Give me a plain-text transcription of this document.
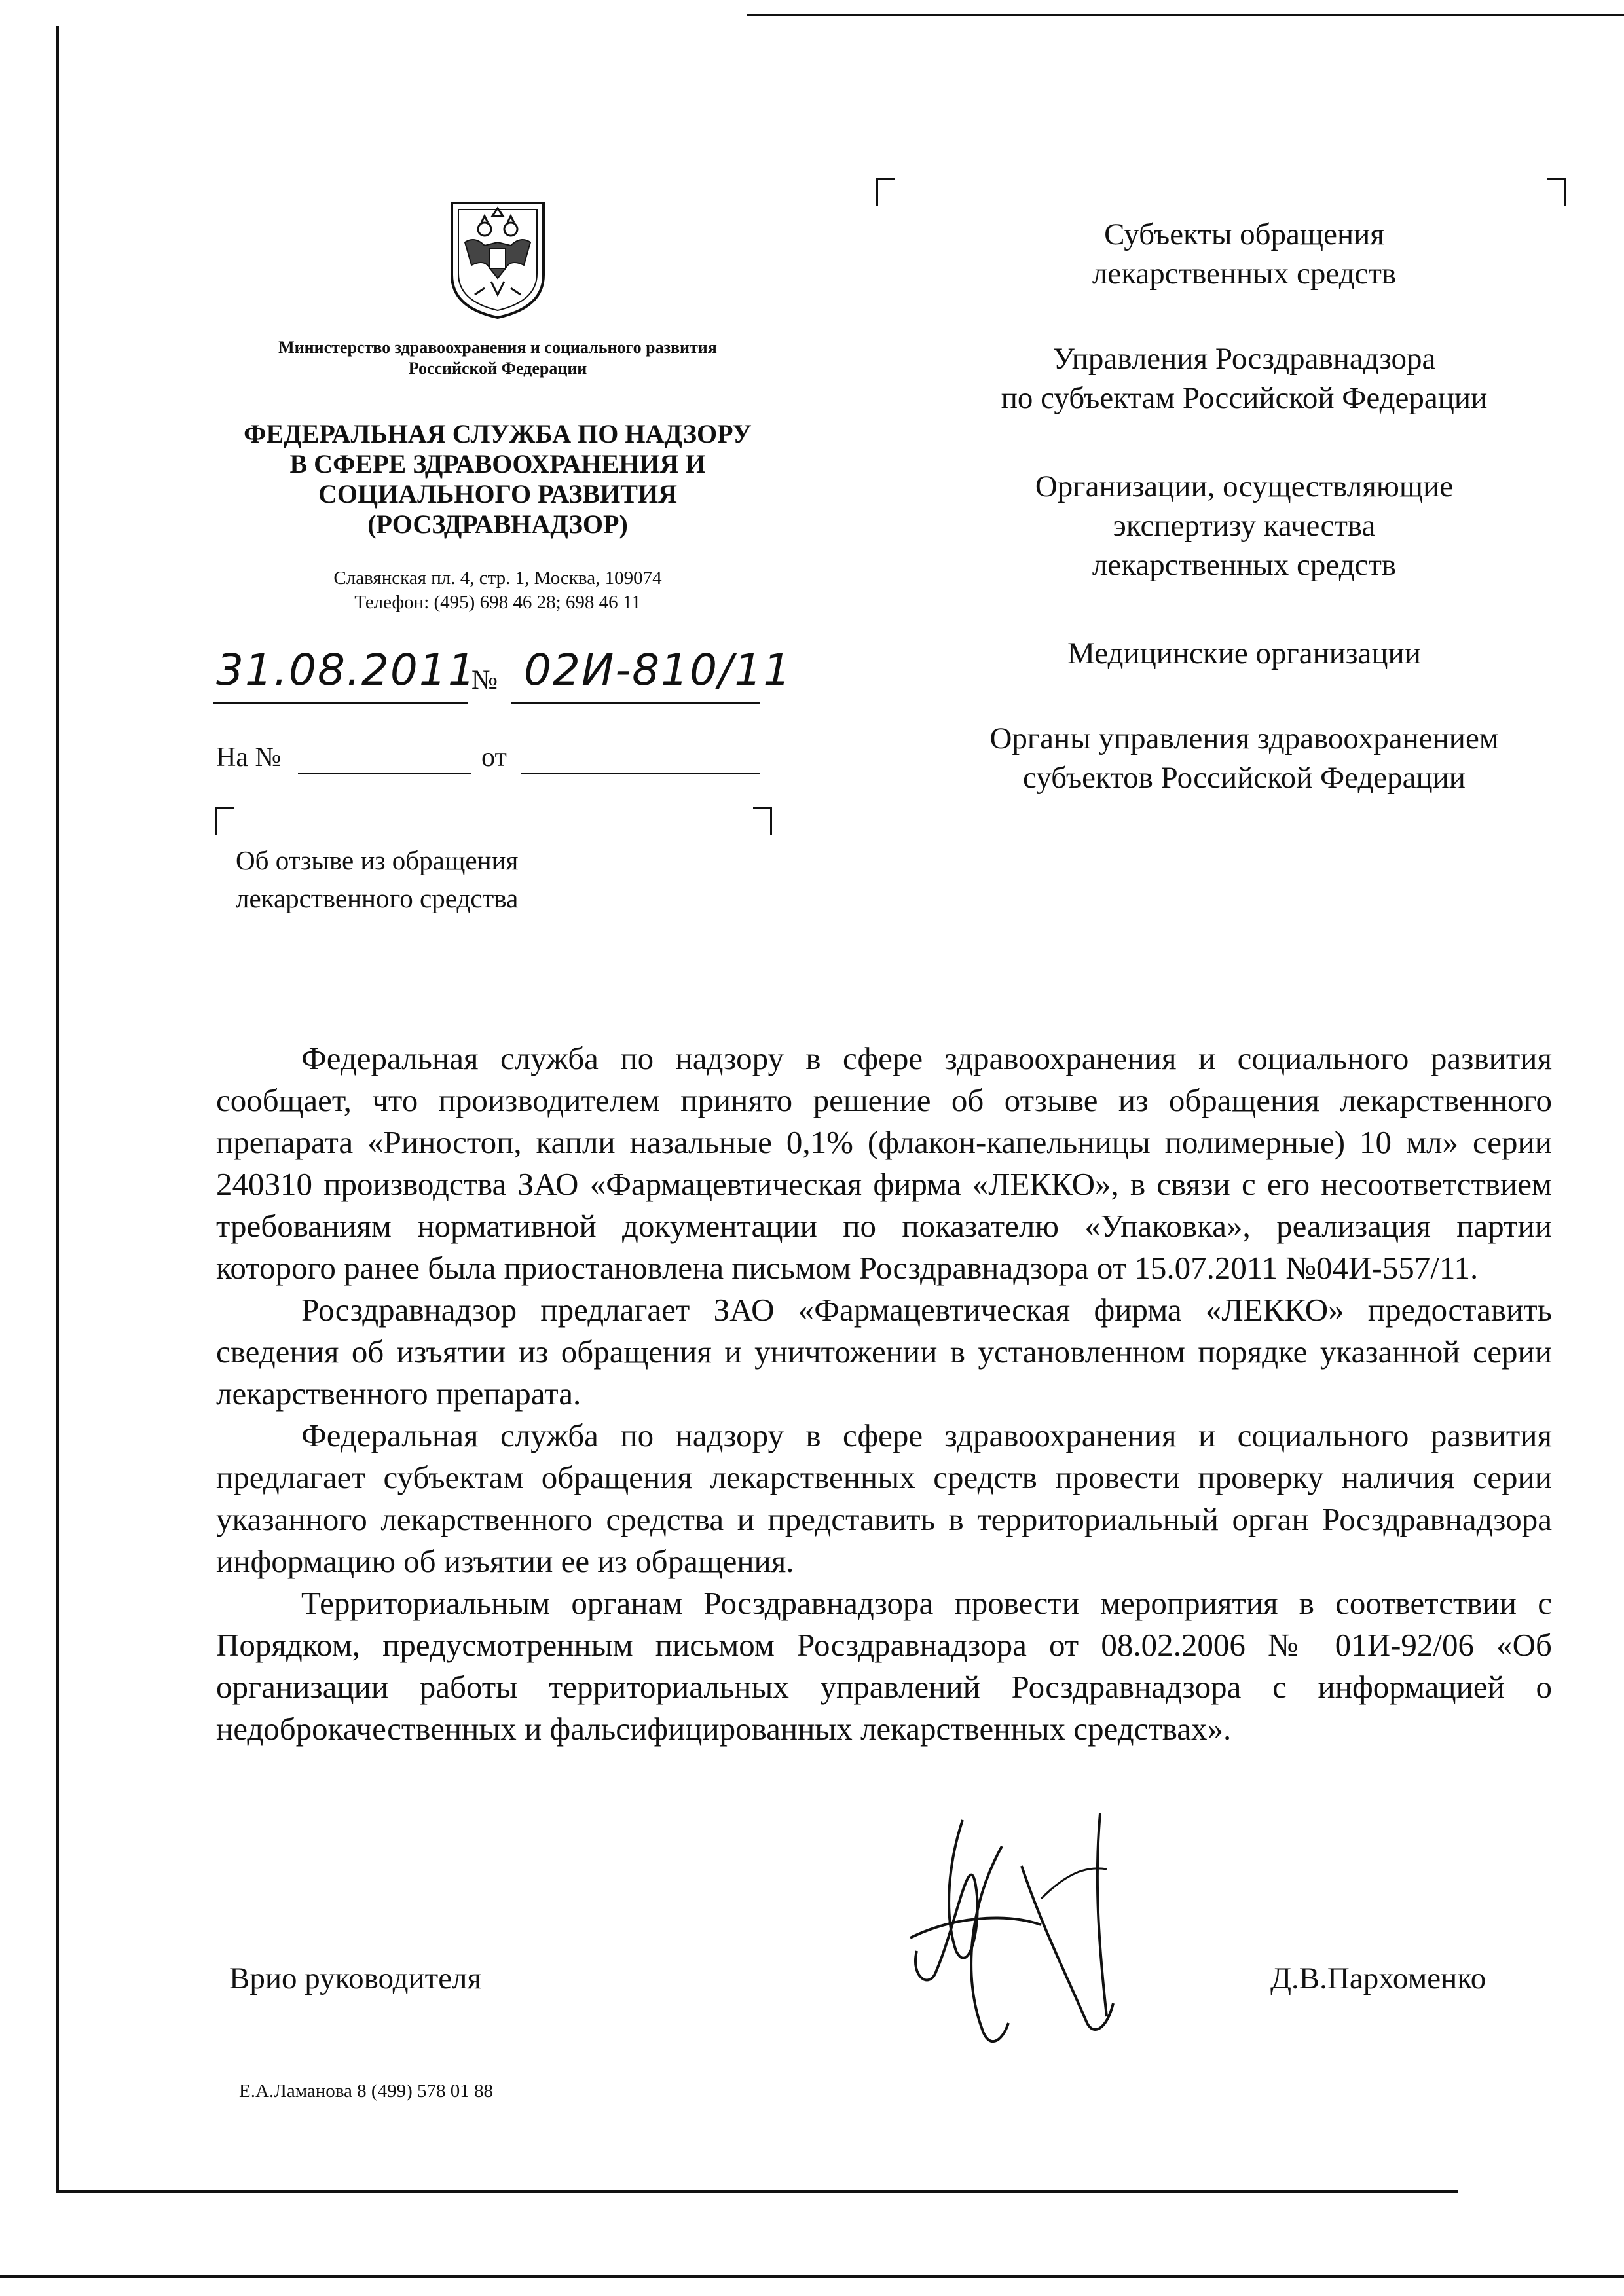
Министерство здравоохранения и социального развития Российской Федерации
ФЕДЕРАЛЬНАЯ СЛУЖБА ПО НАДЗОРУ
В СФЕРЕ ЗДРАВООХРАНЕНИЯ И
СОЦИАЛЬНОГО РАЗВИТИЯ
(РОСЗДРАВНАДЗОР)
Славянская пл. 4, стр. 1, Москва, 109074
Телефон: (495) 698 46 28; 698 46 11
31.08.2011
№ 02И-810/11
На №	от
Об отзыве из обращения
лекарственного средства
Субъекты обращения
лекарственных средств
Управления Росздравнадзора
по субъектам Российской Федерации
Организации, осуществляющие
экспертизу качества
лекарственных средств
Медицинские организации
Органы управления здравоохранением
субъектов Российской Федерации

Федеральная служба по надзору в сфере здравоохранения и социального развития сообщает, что производителем принято решение об отзыве из обращения лекарственного препарата «Риностоп, капли назальные 0,1% (флакон-капельницы полимерные) 10 мл» серии 240310 производства ЗАО «Фармацевтическая фирма «ЛЕККО», в связи с его несоответствием требованиям нормативной документации по показателю «Упаковка», реализация партии которого ранее была приостановлена письмом Росздравнадзора от 15.07.2011 №04И-557/11.

Росздравнадзор предлагает ЗАО «Фармацевтическая фирма «ЛЕККО» предоставить сведения об изъятии из обращения и уничтожении в установленном порядке указанной серии лекарственного препарата.

Федеральная служба по надзору в сфере здравоохранения и социального развития предлагает субъектам обращения лекарственных средств провести проверку наличия серии указанного лекарственного средства и представить в территориальный орган Росздравнадзора информацию об изъятии ее из обращения.

Территориальным органам Росздравнадзора провести мероприятия в соответствии с Порядком, предусмотренным письмом Росздравнадзора от 08.02.2006 № 01И-92/06 «Об организации работы территориальных управлений Росздравнадзора с информацией о недоброкачественных и фальсифицированных лекарственных средствах».

Врио руководителя	Д.В.Пархоменко
Е.А.Ламанова 8 (499) 578 01 88
